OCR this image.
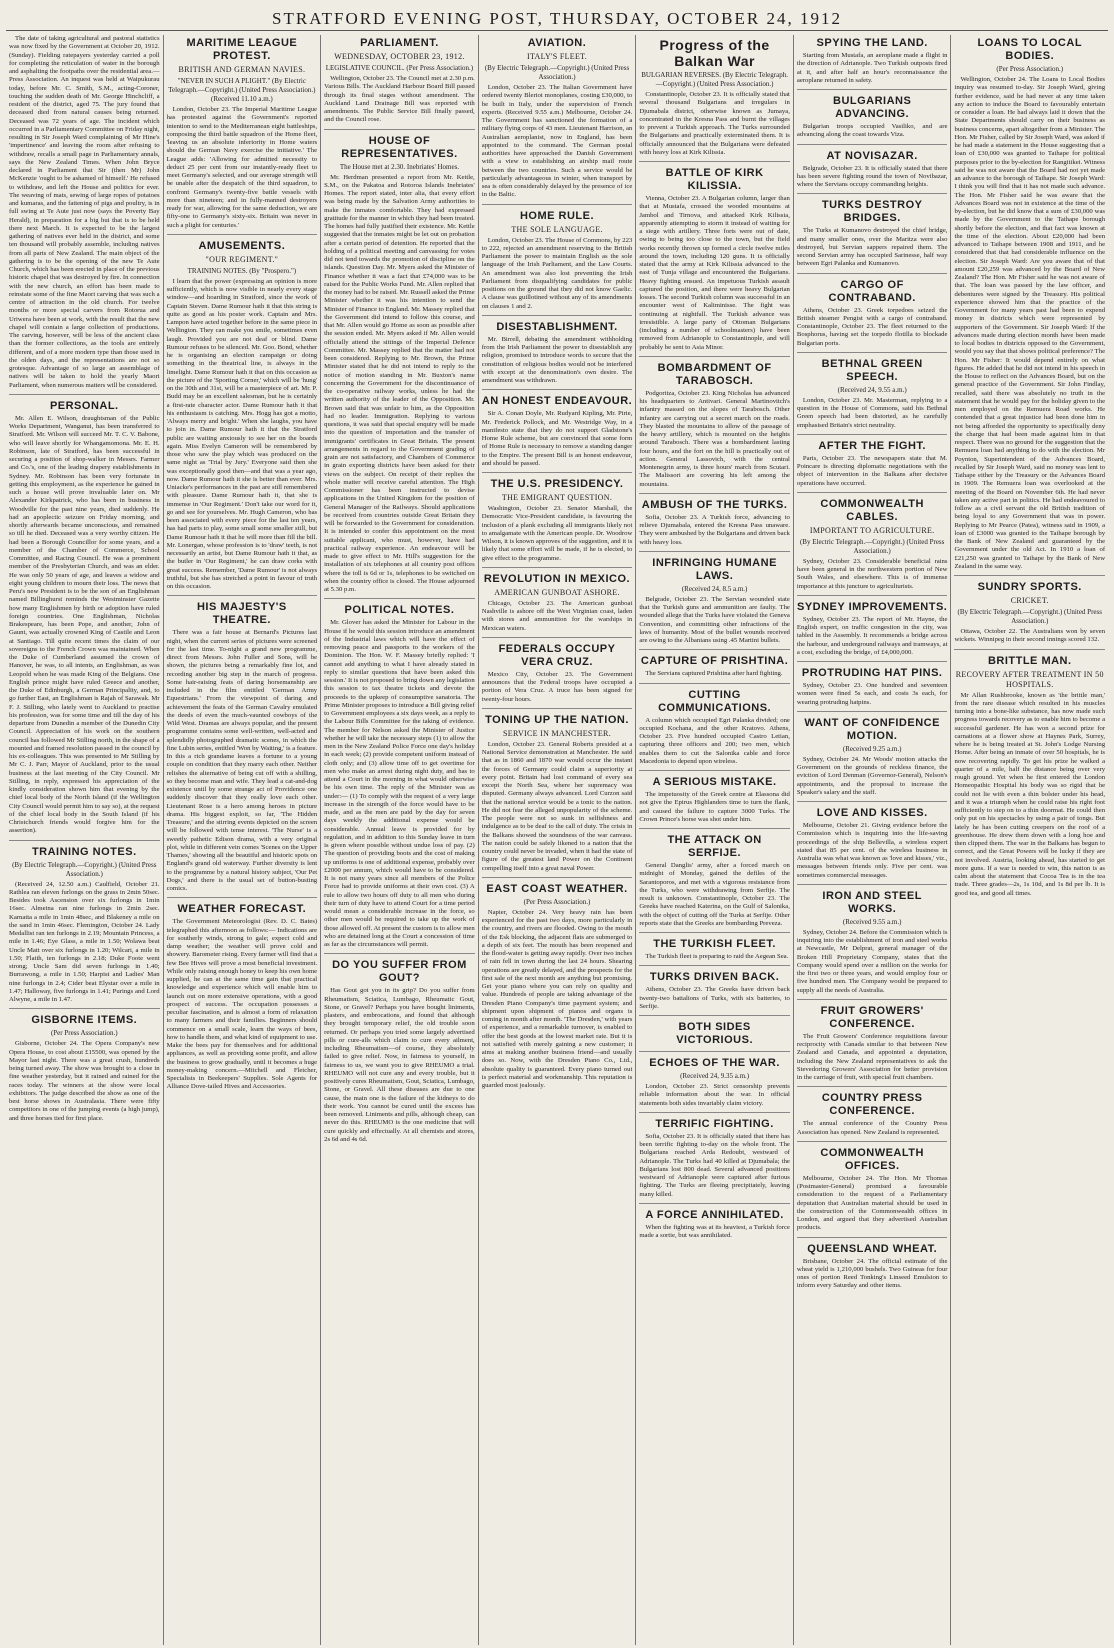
STRATFORD EVENING POST, THURSDAY, OCTOBER 24, 1912

The date of taking agricultural and pastoral statistics was now fixed by the Government at October 20, 1912. (Sunday). Fielding ratepayers yesterday carried a poll for completing the reticulation of water in the borough and asphalting the footpaths over the residential area.—Press Association. An inquest was held at Waipukurau today, before Mr. C. Smith, S.M., acting-Coroner, touching the sudden death of Mr. George Hinchcliff, a resident of the district, aged 75. The jury found that deceased died from natural causes being returned. Deceased was 72 years of age. The incident which occurred in a Parliamentary Committee on Friday night, resulting in Sir Joseph Ward complaining of Mr Hine's 'impertinence' and leaving the room after refusing to withdraw, recalls a small page in Parliamentary annals, says the New Zealand Times. When John Bryce declared in Parliament that Sir (then Mr) John McKenzie 'ought to be ashamed of himself.' He refused to withdraw, and left the House and politics for ever. The weaving of mats, sewing of large ropes of potatoes and kumaras, and the fattening of pigs and poultry, is in full swing at Te Aute just now (says the Poverty Bay Herald), in preparation for a big hui that is to be held there next March. It is expected to be the largest gathering of natives ever held in the district, and some ten thousand will probably assemble, including natives from all parts of New Zealand. The main object of the gathering is to be the opening of the new Te Aute Church, which has been erected in place of the previous historic chapel that was destroyed by fire. In connection with the new church, an effort has been made to reinstate some of the fine Maori carving that was such a centre of attraction in the old church. For twelve months or more special carvers from Rotorua and Uriwera have been at work, with the result that the new chapel will contain a large collection of productions. The carving, however, will be less of the ancient class than the former collections, as the tools are entirely different, and of a more modern type than those used in the olden days, and the representations are not so grotesque. Advantage of so large an assemblage of natives will be taken to hold the yearly Maori Parliament, when numerous matters will be considered.

PERSONAL.

Mr. Allen E. Wilson, draughtsman of the Public Works Department, Wanganui, has been transferred to Stratford. Mr. Wilson will succeed Mr. T. C. V. Babone, who will leave shortly for Whangamomona. Mr. E. H. Robinson, late of Stratford, has been successful in securing a position of shop-walker in Messrs. Farmer and Co.'s, one of the leading drapery establishments in Sydney. Mr. Robinson has been very fortunate in getting this employment, as the experience he gained in such a house will prove invaluable later on. Mr Alexander Kirkpatrick, who has been in business in Woodville for the past nine years, died suddenly. He had an apoplectic seizure on Friday morning, and shortly afterwards became unconscious, and remained so till he died. Deceased was a very worthy citizen. He had been a Borough Councillor for some years, and a member of the Chamber of Commerce, School Committee, and Racing Council. He was a prominent member of the Presbyterian Church, and was an elder. He was only 50 years of age, and leaves a widow and eight young children to mourn their loss. The news that Peru's new President is to be the son of an Englishman named Billinghurst reminds the Westminster Gazette how many Englishmen by birth or adoption have ruled foreign countries. One Englishman, Nicholas Brakespeare, has been Pope, and another, John of Gaunt, was actually crowned King of Castile and Leon at Santiago. Till quite recent times the claim of our sovereigns to the French Crown was maintained. When the Duke of Cumberland assumed the crown of Hanover, he was, to all intents, an Englishman, as was Leopold when he was made King of the Belgians. One English prince might have ruled Greece and another, the Duke of Edinburgh, a German Principality, and, to go further East, an Englishman is Rajah of Sarawak. Mr F. J. Stilling, who lately went to Auckland to practise his profession, was for some time and till the day of his departure from Dunedin a member of the Dunedin City Council. Appreciation of his work on the southern council has followed Mr Stilling north, in the shape of a mounted and framed resolution passed in the council by his ex-colleagues. This was presented to Mr Stilling by Mr C. J. Parr, Mayor of Auckland, prior to the usual business at the last meeting of the City Council. Mr Stilling, in reply, expressed his appreciation of the kindly consideration shown him that evening by the chief local body of the North Island (if the Wellington City Council would permit him to say so), at the request of the chief local body in the South Island (if his Christchurch friends would forgive him for the assertion).

TRAINING NOTES.
(By Electric Telegraph.—Copyright.) (United Press Association.)

(Received 24, 12.50 a.m.) Caulfield, October 21. Rathlea ran eleven furlongs on the grass in 2min 50sec. Besides took Ascension over six furlongs in 1min 16sec. Almeina ran nine furlongs in 2min 2sec. Karnatta a mile in 1min 48sec, and Blakeney a mile on the sand in 1min 46sec. Flemington, October 24. Lady Medallist ran ten furlongs in 2.19; Mountain Princess, a mile in 1.46; Eye Glass, a mile in 1.50; Wolawa beat Uncle Matt over six furlongs in 1.20; Wilcari, a mile in 1.50; Flaith, ten furlongs in 2.18; Duke Foote went strong; Uncle Sam did seven furlongs in 1.40; Burrawong, a mile in 1.50; Harpist and Ladies' Man nine furlongs in 2.4; Cider beat Elystar over a mile in 1.47; Halloway, five furlongs in 1.41; Purings and Lord Alwyne, a mile in 1.47.

GISBORNE ITEMS.
(Per Press Association.)

Gisborne, October 24. The Opera Company's new Opera House, to cost about £15500, was opened by the Mayor last night. There was a great crush, hundreds being turned away. The show was brought to a close in fine weather yesterday, but it rained and rained for the races today. The winners at the show were local exhibitors. The judge described the show as one of the best horse shows in Australasia. There were fifty competitors in one of the jumping events (a high jump), and three horses tied for first place.

MARITIME LEAGUE PROTEST.
BRITISH AND GERMAN NAVIES.
"NEVER IN SUCH A PLIGHT." (By Electric Telegraph.—Copyright.) (United Press Association.) (Received 11.10 a.m.)

London, October 23. The Imperial Maritime League has protested against the Government's reported intention to send to the Mediterranean eight battleships, composing the third battle squadron of the Home fleet, 'leaving us an absolute inferiority in Home waters should the German Navy exercise the initiative.' The League adds: 'Allowing for admitted necessity to deduct 25 per cent from our instantly-ready fleet to meet Germany's selected, and our average strength will be unable after the despatch of the third squadron, to confront Germany's twenty-five battle vessels with more than nineteen; and in fully-manned destroyers ready for war, allowing for the same deduction, we are fifty-one to Germany's sixty-six. Britain was never in such a plight for centuries.'

AMUSEMENTS.
"OUR REGIMENT."
TRAINING NOTES. (By "Prospero.")

I learn that the power (expressing an opinion is more sufficiently, which is now visible in nearly every stage window—and hoarding in Stratford, since the work of Captain Steven. Dame Rumour hath it that this string is quite as good as his poster work. Captain and Mrs. Lampon have acted together before in the same piece in Wellington. They can make you smile, sometimes even laugh. Provided you are not deaf or blind. Dame Rumour refuses to be silenced. Mr. Goo. Bond, whether he is organising an election campaign or doing something in the theatrical line, is always in the limelight. Dame Rumour hath it that on this occasion as the picture of the 'Sporting Corner,' which will be 'hung' on the 30th and 31st, will be a masterpiece of art. Mr. P. Budd may be an excellent salesman, but he is certainly a first-rate character actor. Dame Rumour hath it that his enthusiasm is catching. Mrs. Hogg has got a motto, 'Always merry and bright.' When she laughs, you have to join in. Dame Rumour hath it that the Stratford public are waiting anxiously to see her on the boards again. Miss Evelyn Cameron will be remembered by those who saw the play which was produced on the same night as 'Trial by Jury.' Everyone said then she was exceptionally good then—and that was a year ago, now. Dame Rumour hath it she is better than ever. Mrs. Uniacke's performances in the past are still remembered with pleasure. Dame Rumour hath it, that she is immense in 'Our Regiment.' Don't take our word for it, go and see for yourselves. Mr. Hugh Cameron, who has been associated with every piece for the last ten years, has had parts to play, some small some smaller still, but Dame Rumour hath it that he will more than fill the bill. Mr. Lonergan, whose profession is to 'draw' teeth, is not necessarily an artist, but Dame Rumour hath it that, as the butler in 'Our Regiment,' he can draw corks with great success. Remember, 'Dame Rumour' is not always truthful, but she has stretched a point in favour of truth on this occasion.

HIS MAJESTY'S THEATRE.

There was a fair house at Bernard's Pictures last night, when the current series of pictures were screened for the last time. To-night a grand new programme, direct from Messrs. John Fuller and Sons, will be shown, the pictures being a remarkably fine lot, and recording another big step in the march of progress. Some hair-raising feats of daring horsemanship are included in the film entitled 'German Army Equestrians.' From the viewpoint of daring and achievement the feats of the German Cavalry emulated the deeds of even the much-vaunted cowboys of the Wild West. Dramas are always popular, and the present programme contains some well-written, well-acted and splendidly photographed dramatic scenes, in which the fine Lubin series, entitled 'Won by Waiting,' is a feature. In this a rich grandame leaves a fortune to a young couple on condition that they marry each other. Neither relishes the alternative of being cut off with a shilling, so they become man and wife. They lead a cat-and-dog existence until by some strange act of Providence one suddenly discover that they really love each other. Lieutenant Rose is a hero among heroes in picture drama. His biggest exploit, so far, 'The Hidden Treasure,' and the stirring events depicted on the screen will be followed with tense interest. 'The Nurse' is a sweetly pathetic Edison drama, with a very original plot, while in different vein comes 'Scenes on the Upper Thames,' showing all the beautiful and historic spots on England's grand old waterway. Further diversity is lent to the programme by a natural history subject, 'Our Pet Dogs,' and there is the usual set of button-busting comics.

WEATHER FORECAST.

The Government Meteorologist (Rev. D. C. Bates) telegraphed this afternoon as follows:— Indications are for southerly winds, strong to gale; expect cold and damp weather; the weather will prove cold and showery. Barometer rising. Every farmer will find that a few Bee Hives will prove a most beneficial investment. While only raising enough honey to keep his own home supplied, he can at the same time gain that practical knowledge and experience which will enable him to launch out on more extensive operations, with a good prospect of success. The occupation possesses a peculiar fascination, and is almost a form of relaxation to many farmers and their families. Beginners should commence on a small scale, learn the ways of bees, how to handle them, and what kind of equipment to use. Make the bees pay for themselves and for additional appliances, as well as providing some profit, and allow the business to grow gradually, until it becomes a huge money-making concern.—Mitchell and Fletcher, Specialists in Beekeepers' Supplies. Sole Agents for Alliance Dove-tailed Hives and Accessories.

PARLIAMENT.
WEDNESDAY, OCTOBER 23, 1912.
LEGISLATIVE COUNCIL. (Per Press Association.)

Wellington, October 23. The Council met at 2.30 p.m. Various Bills. The Auckland Harbour Board Bill passed through its final stages without amendment. The Auckland Land Drainage Bill was reported with amendments. The Public Service Bill finally passed, and the Council rose.

HOUSE OF REPRESENTATIVES.
The House met at 2.30. Inebriates' Homes.

Mr. Herdman presented a report from Mr. Kettle, S.M., on the Pakatoa and Rotoroa Islands Inebriates' Homes. The report stated, inter alia, that every effort was being made by the Salvation Army authorities to make the inmates comfortable. They had expressed gratitude for the manner in which they had been treated. The homes had fully justified their existence. Mr. Kettle suggested that the inmates might be let out on probation after a certain period of detention. He reported that the holding of a political meeting and canvassing for votes did not tend towards the promotion of discipline on the islands. Question Day. Mr. Myers asked the Minister of Finance whether it was a fact that £74,000 was to be raised for the Public Works Fund. Mr. Allen replied that the money had to be raised. Mr. Russell asked the Prime Minister whether it was his intention to send the Minister of Finance to England. Mr. Massey replied that the Government did intend to follow this course, and that Mr. Allen would go Home as soon as possible after the session ended. Mr. Myers asked if Mr. Allen would officially attend the sittings of the Imperial Defence Committee. Mr. Massey replied that the matter had not been considered. Replying to Mr. Brown, the Prime Minister stated that he did not intend to reply to the notice of motion standing in Mr. Buxton's name concerning the Government for the discontinuance of the co-operative railway works, unless he had the written authority of the leader of the Opposition. Mr. Brown said that was unfair to him, as the Opposition had no leader. Immigration. Replying to various questions, it was said that special enquiry will be made into the question of importation and the transfer of immigrants' certificates in Great Britain. The present arrangements in regard to the Government grading of grain are not satisfactory, and Chambers of Commerce in grain exporting districts have been asked for their views on the subject. On receipt of their replies the whole matter will receive careful attention. The High Commissioner has been instructed to devise applications in the United Kingdom for the position of General Manager of the Railways. Should applications be received from countries outside Great Britain they will be forwarded to the Government for consideration. It is intended to confer this appointment on the most suitable applicant, who must, however, have had practical railway experience. An endeavour will be made to give effect to Mr. Hill's suggestion for the installation of six telephones at all country post offices where the toll is 6d or 1s, telephones to be switched on when the country office is closed. The House adjourned at 5.30 p.m.

POLITICAL NOTES.

Mr. Glover has asked the Minister for Labour in the House if he would this session introduce an amendment of the Industrial laws which will have the effect of removing peace and passports to the workers of the Dominion. The Hon. W. F. Massey briefly replied: 'I cannot add anything to what I have already stated in reply to similar questions that have been asked this session.' It is not proposed to bring down any legislation this session to tax theatre tickets and devote the proceeds to the upkeep of consumptive sanatoria. The Prime Minister proposes to introduce a Bill giving relief to Government employees a six days week, as a reply to the Labour Bills Committee for the taking of evidence. The member for Nelson asked the Minister of Justice whether he will take the necessary steps (1) to allow the men in the New Zealand Police Force one day's holiday in each week; (2) provide competent uniform instead of cloth only; and (3) allow time off to get overtime for men who make an arrest during night duty, and has to attend a Court in the morning in what would otherwise be his own time. The reply of the Minister was as under:— (1) To comply with the request of a very large increase in the strength of the force would have to be made, and as the men are paid by the day for seven days weekly the additional expense would be considerable. Annual leave is provided for by regulation, and in addition to this Sunday leave in turn is given where possible without undue loss of pay. (2) The question of providing boots and the cost of making up uniforms is one of additional expense, probably over £2000 per annum, which would have to be considered. It is not many years since all members of the Police Force had to provide uniforms at their own cost. (3) A rule to allow two hours off duty to all men who during their turn of duty have to attend Court for a time period would mean a considerable increase in the force, so other men would be required to take up the work of those allowed off. At present the custom is to allow men who are detained long at the Court a concession of time as far as the circumstances will permit.

DO YOU SUFFER FROM GOUT?

Has Gout got you in its grip? Do you suffer from Rheumatism, Sciatica, Lumbago, Rheumatic Gout, Stone, or Gravel? Perhaps you have bought liniments, plasters, and embrocations, and found that although they brought temporary relief, the old trouble soon returned. Or perhaps you tried some largely advertised pills or cure-alls which claim to cure every ailment, including Rheumatism—of course, they absolutely failed to give relief. Now, in fairness to yourself, in fairness to us, we want you to give RHEUMO a trial. RHEUMO will not cure any and every trouble, but it positively cures Rheumatism, Gout, Sciatica, Lumbago, Stone, or Gravel. All these diseases are due to one cause, the main one is the failure of the kidneys to do their work. You cannot be cured until the excess has been removed. Liniments and pills, although cheap, can never do this. RHEUMO is the one medicine that will cure quickly and effectually. At all chemists and stores, 2s 6d and 4s 6d.

AVIATION.
ITALY'S FLEET.
(By Electric Telegraph.—Copyright.) (United Press Association.)

London, October 23. The Italian Government have ordered twenty Bleriot monoplanes, costing £30,000, to be built in Italy, under the supervision of French experts. (Received 9.55 a.m.) Melbourne, October 24. The Government has sanctioned the formation of a military flying corps of 43 men. Lieutenant Harrison, an Australian aeroplanist, now in England, has been appointed to the command. The German postal authorities have approached the Danish Government with a view to establishing an airship mail route between the two countries. Such a service would be particularly advantageous in winter, when transport by sea is often considerably delayed by the presence of ice in the Baltic.

HOME RULE.
THE SOLE LANGUAGE.

London, October 23. The House of Commons, by 223 to 222, rejected an amendment reserving to the British Parliament the power to maintain English as the sole language of the Irish Parliament, and the Law Courts. An amendment was also lost preventing the Irish Parliament from disqualifying candidates for public positions on the ground that they did not know Gaelic. A clause was guillotined without any of its amendments on clauses 1 and 2.

DISESTABLISHMENT.

Mr. Birrell, debating the amendment withholding from the Irish Parliament the power to disestablish any religion, promised to introduce words to secure that the constitution of religious bodies would not be interfered with except at the denomination's own desire. The amendment was withdrawn.

AN HONEST ENDEAVOUR.

Sir A. Conan Doyle, Mr. Rudyard Kipling, Mr. Pirie, Mr. Frederick Pollock, and Mr. Westridge Way, in a manifesto state that they do not support Gladstone's Home Rule scheme, but are convinced that some form of Home Rule is necessary to remove a standing danger to the Empire. The present Bill is an honest endeavour, and should be passed.

THE U.S. PRESIDENCY.
THE EMIGRANT QUESTION.

Washington, October 23. Senator Marshall, the Democratic Vice-President candidate, is favouring the inclusion of a plank excluding all immigrants likely not to amalgamate with the American people. Dr. Woodrow Wilson, it is known approves of the suggestion, and it is likely that some effort will be made, if he is elected, to give effect to the programme.

REVOLUTION IN MEXICO.
AMERICAN GUNBOAT ASHORE.

Chicago, October 23. The American gunboat Nashville is ashore off the West Virginian coast, laden with stores and ammunition for the warships in Mexican waters.

FEDERALS OCCUPY VERA CRUZ.

Mexico City, October 23. The Government announces that the Federal troops have occupied a portion of Vera Cruz. A truce has been signed for twenty-four hours.

TONING UP THE NATION.
SERVICE IN MANCHESTER.

London, October 23. General Roberts presided at a National Service demonstration at Manchester. He said that as in 1860 and 1870 war would occur the instant the forces of Germany could claim a superiority at every point. Britain had lost command of every sea except the North Sea, where her supremacy was disputed. Germany always advanced. Lord Curzon said that the national service would be a tonic to the nation. He did not fear the alleged unpopularity of the scheme. The people were not so sunk in selfishness and indulgence as to be deaf to the call of duty. The crisis in the Balkans showed the soundness of the war canvass. The nation could be safely likened to a nation that the country could never be invaded, when it had the state of figure of the greatest land Power on the Continent compelling itself into a great naval Power.

EAST COAST WEATHER.
(Per Press Association.)

Napier, October 24. Very heavy rain has been experienced for the past two days, more particularly in the country, and rivers are flooded. Owing to the mouth of the Esk blocking, the adjacent flats are submerged to a depth of six feet. The mouth has been reopened and the flood-water is getting away rapidly. Over two inches of rain fell in town during the last 24 hours. Shearing operations are greatly delayed, and the prospects for the first sale of the next month are anything but promising. Get your piano where you can rely on quality and value. Hundreds of people are taking advantage of the Dresden Piano Company's time payment system; and shipment upon shipment of pianos and organs is coming in month after month. 'The Dresden,' with years of experience, and a remarkable turnover, is enabled to offer the best goods at the lowest market rate. But it is not satisfied with merely gaining a new customer; it aims at making another business friend—and usually does so. Now, with the Dresden Piano Co., Ltd., absolute quality is guaranteed. Every piano turned out is perfect material and workmanship. This reputation is guarded most jealously.

Progress of the Balkan War
BULGARIAN REVERSES. (By Electric Telegraph.—Copyright.) (United Press Association.)

Constantinople, October 23. It is officially stated that several thousand Bulgarians and irregulars in Djumabala district, otherwise known as Jumaya, concentrated in the Kresna Pass and burnt the villages to prevent a Turkish approach. The Turks surrounded the Bulgarians and practically exterminated them. It is officially announced that the Bulgarians were defeated with heavy loss at Kirk Kilissia.

BATTLE OF KIRK KILISSIA.

Vienna, October 23. A Bulgarian column, larger than that at Mustafa, crossed the wooded mountains at Jambol and Tirnova, and attacked Kirk Kilissia, apparently attempting to storm it instead of waiting for a siege with artillery. Three forts were out of date, owing to being too close to the town, but the field works recently thrown up formed a circle twelve miles around the town, including 120 guns. It is officially stated that the army at Kirk Kilissia advanced to the east of Tunja village and encountered the Bulgarians. Heavy fighting ensued. An impetuous Turkish assault captured the position, and there were heavy Bulgarian losses. The second Turkish column was successful in an encounter west of Kaliminisse. The fight was continuing at nightfall. The Turkish advance was irresistible. A large party of Ottoman Bulgarians (including a number of schoolmasters) have been removed from Adrianople to Constantinople, and will probably be sent to Asia Minor.

BOMBARDMENT OF TARABOSCH.

Podgoritza, October 23. King Nicholas has advanced his headquarters to Antivari. General Martinovitch's infantry massed on the slopes of Tarabosch. Other infantry are carrying out a secret march on the roads. They blasted the mountains to allow of the passage of the heavy artillery, which is mounted on the heights around Tarabosch. There was a bombardment lasting four hours, and the fort on the hill is practically out of action. General Lassovich, with the central Montenegrin army, is three hours' march from Scutari. The Malissori are covering his left among the mountains.

AMBUSH OF THE TURKS.

Sofia, October 23. A Turkish force, advancing to relieve Djumabala, entered the Kresna Pass unaware. They were ambushed by the Bulgarians and driven back with heavy loss.

INFRINGING HUMANE LAWS.
(Received 24, 8.5 a.m.)

Belgrade, October 23. The Servian wounded state that the Turkish guns and ammunition are faulty. The wounded allege that the Turks have violated the Geneva Convention, and committing other infractions of the laws of humanity. Most of the bullet wounds received are owing to the Albanians using .45 Martini bullets.

CAPTURE OF PRISHTINA.

The Servians captured Prishtina after hard fighting.

CUTTING COMMUNICATIONS.

A column which occupied Egri Palanka divided; one occupied Kochana, and the other Kratovo. Athens, October 23. Five hundred occupied Castro Letian, capturing three officers and 200; two men, which enables them to cut the Salonika cable and force Macedonia to depend upon wireless.

A SERIOUS MISTAKE.

The impetuosity of the Greek centre at Elassona did not give the Epirus Highlanders time to turn the flank, and caused the failure to capture 3000 Turks. The Crown Prince's horse was shot under him.

THE ATTACK ON SERFIJE.

General Danglis' army, after a forced march on midnight of Monday, gained the defiles of the Sarantoporos, and met with a vigorous resistance from the Turks, who were withdrawing from Serfije. The result is unknown. Constantinople, October 23. The Greeks have reached Katerina, on the Gulf of Salonika, with the object of cutting off the Turks at Serfije. Other reports state that the Greeks are bombarding Preveza.

THE TURKISH FLEET.

The Turkish fleet is preparing to raid the Aegean Sea.

TURKS DRIVEN BACK.

Athens, October 23. The Greeks have driven back twenty-two battalions of Turks, with six batteries, to Serfije.

BOTH SIDES VICTORIOUS.
ECHOES OF THE WAR.
(Received 24, 9.35 a.m.)

London, October 23. Strict censorship prevents reliable information about the war. In official statements both sides invariably claim victory.

TERRIFIC FIGHTING.

Sofia, October 23. It is officially stated that there has been terrific fighting to-day on the whole front. The Bulgarians reached Arda Redoubt, westward of Adrianople. The Turks had 40 killed at Djumabala; the Bulgarians lost 800 dead. Several advanced positions westward of Adrianople were captured after furious fighting. The Turks are fleeing precipitately, leaving many killed.

A FORCE ANNIHILATED.

When the fighting was at its heaviest, a Turkish force made a sortie, but was annihilated.

SPYING THE LAND.

Starting from Mustafa, an aeroplane made a flight in the direction of Adrianople. Two Turkish outposts fired at it, and after half an hour's reconnaissance the aeroplane returned in safety.

BULGARIANS ADVANCING.

Bulgarian troops occupied Vasiliko, and are advancing along the coast towards Viza.

AT NOVISAZAR.

Belgrade, October 23. It is officially stated that there has been severe fighting round the town of Novibazar, where the Servians occupy commanding heights.

TURKS DESTROY BRIDGES.

The Turks at Kumanovo destroyed the chief bridge, and many smaller ones, over the Maritza were also destroyed, but Servian sappers repaired them. The second Servian army has occupied Sarinesse, half way between Egri Palanka and Kumanovo.

CARGO OF CONTRABAND.

Athens, October 23. Greek torpedoes seized the British steamer Pengist with a cargo of contraband. Constantinople, October 23. The fleet returned to the Bosphorus, having set the torpedo flotilla to blockade Bulgarian ports.

BETHNAL GREEN SPEECH.
(Received 24, 9.55 a.m.)

London, October 23. Mr. Masterman, replying to a question in the House of Commons, said his Bethnal Green speech had been distorted, as he carefully emphasised Britain's strict neutrality.

AFTER THE FIGHT.

Paris, October 23. The newspapers state that M. Poincare is directing diplomatic negotiations with the object of intervention in the Balkans after decisive operations have occurred.

COMMONWEALTH CABLES.
IMPORTANT TO AGRICULTURE.
(By Electric Telegraph.—Copyright.) (United Press Association.)

Sydney, October 23. Considerable beneficial rains have been general in the northwestern portion of New South Wales, and elsewhere. This is of immense importance at this juncture to agriculturists.

SYDNEY IMPROVEMENTS.

Sydney, October 23. The report of Mr. Hayne, the English expert, on traffic congestion in the city, was tabled in the Assembly. It recommends a bridge across the harbour, and underground railways and tramways, at a cost, excluding the bridge, of £4,000,000.

PROTRUDING HAT PINS.

Sydney, October 23. One hundred and seventeen women were fined 5s each, and costs 3s each, for wearing protruding hatpins.

WANT OF CONFIDENCE MOTION.
(Received 9.25 a.m.)

Sydney, October 24. Mr Woods' motion attacks the Government on the grounds of reckless finance, the eviction of Lord Denman (Governor-General), Nelson's appointments, and the proposal to increase the Speaker's salary and the staff.

LOVE AND KISSES.

Melbourne, October 21. Giving evidence before the Commission which is inquiring into the life-saving proceedings of the ship Bellevilla, a wireless expert stated that 85 per cent. of the wireless business in Australia was what was known as 'love and kisses,' viz., messages between friends only. Five per cent. was sometimes commercial messages.

IRON AND STEEL WORKS.
(Received 9.55 a.m.)

Sydney, October 24. Before the Commission which is inquiring into the establishment of iron and steel works at Newcastle, Mr Delprat, general manager of the Broken Hill Proprietary Company, states that the Company would spend over a million on the works for the first two or three years, and would employ four or five hundred men. The Company would be prepared to supply all the needs of Australia.

FRUIT GROWERS' CONFERENCE.

The Fruit Growers' Conference requisitions favour reciprocity with Canada similar to that between New Zealand and Canada, and appointed a deputation, including the New Zealand representatives to ask the Stevedoring Growers' Association for better provision in the carriage of fruit, with special fruit chambers.

COUNTRY PRESS CONFERENCE.

The annual conference of the Country Press Association has opened. New Zealand is represented.

COMMONWEALTH OFFICES.

Melbourne, October 24. The Hon. Mr Thomas (Postmaster-General) promised a favourable consideration to the request of a Parliamentary deputation that Australian material should be used in the construction of the Commonwealth offices in London, and argued that they advertised Australian products.

QUEENSLAND WHEAT.

Brisbane, October 24. The official estimate of the wheat yield is 1,210,000 bushels. Two Guineas for four ones of portion Reed Tonking's Linseed Emulsion to inform every Saturday and other items.

LOANS TO LOCAL BODIES.
(Per Press Association.)

Wellington, October 24. The Loans to Local Bodies inquiry was resumed to-day. Sir Joseph Ward, giving further evidence, said he had never at any time taken any action to induce the Board to favourably entertain or consider a loan. He had always laid it down that the State Departments should carry on their business as business concerns, apart altogether from a Minister. The Hon. Mr Fisher, called by Sir Joseph Ward, was asked if he had made a statement in the House suggesting that a loan of £30,000 was granted to Taihape for political purposes prior to the by-election for Rangitikei. Witness said he was not aware that the Board had not yet made an advance to the borough of Taihape. Sir Joseph Ward: I think you will find that it has not made such advance. The Hon. Mr Fisher said he was aware that the Advances Board was not in existence at the time of the by-election, but he did know that a sum of £30,000 was made by the Government to the Taihape borough shortly before the election, and that fact was known at the time of the election. About £20,000 had been advanced to Taihape between 1908 and 1911, and he considered that that had considerable influence on the election. Sir Joseph Ward: Are you aware that of that amount £20,259 was advanced by the Board of New Zealand? The Hon. Mr Fisher said he was not aware of that. The loan was passed by the law officer, and debentures were signed by the Treasury. His political experience showed him that the practice of the Government for many years past had been to expend money in districts which were represented by supporters of the Government. Sir Joseph Ward: If the advances made during election month have been made to local bodies in districts opposed to the Government, would you say that that shows political preference? The Hon. Mr Fisher: It would depend entirely on what figures. He added that he did not intend in his speech in the House to reflect on the Advances Board, but on the general practice of the Government. Sir John Findlay, recalled, said there was absolutely no truth in the statement that he would pay for the holiday given to the men employed on the Remuera Road works. He contended that a great injustice had been done him in not being afforded the opportunity to specifically deny the charge that had been made against him in that respect. There was no ground for the suggestion that the Remuera loan had anything to do with the election. Mr Poynton, Superintendent of the Advances Board, recalled by Sir Joseph Ward, said no money was lent to Taihape either by the Treasury or the Advances Board in 1909. The Remuera loan was overlooked at the meeting of the Board on November 6th. He had never taken any active part in politics. He had endeavoured to follow as a civil servant the old British tradition of being loyal to any Government that was in power. Replying to Mr Pearce (Patea), witness said in 1909, a loan of £3000 was granted to the Taihape borough by the Bank of New Zealand and guaranteed by the Government under the old Act. In 1910 a loan of £21,250 was granted to Taihape by the Bank of New Zealand in the same way.

SUNDRY SPORTS.
CRICKET.
(By Electric Telegraph.—Copyright.) (United Press Association.)

Ottawa, October 22. The Australians won by seven wickets. Winnipeg in their second innings scored 132.

BRITTLE MAN.
RECOVERY AFTER TREATMENT IN 50 HOSPITALS.

Mr Allan Rushbrooke, known as 'the brittle man,' from the rare disease which resulted in his muscles turning into a bone-like substance, has now made such progress towards recovery as to enable him to become a successful gardener. He has won a second prize for carnations at a flower show at Haynes Park, Surrey, where he is being treated at St. John's Lodge Nursing Home. After being an inmate of over 50 hospitals, he is now recovering rapidly. To get his prize he walked a quarter of a mile, half the distance being over very rough ground. Yet when he first entered the London Homeopathic Hospital his body was so rigid that he could not lie with even a thin bolster under his head, and it was a triumph when he could raise his right foot sufficiently to step on to a thin doormat. He could then only put on his spectacles by using a pair of tongs. But lately he has been cutting creepers on the roof of a greenhouse. He drew them down with a long hoe and then clipped them. The war in the Balkans has begun to correct, and the Great Powers will be lucky if they are not involved. Austria, looking ahead, has started to get more guns. If a war is needed to win, this nation is as calm about the statement that Cocoa Tea is in the tea trade. Three grades—2s, 1s 10d, and 1s 8d per lb. It is good tea, and good all times.
